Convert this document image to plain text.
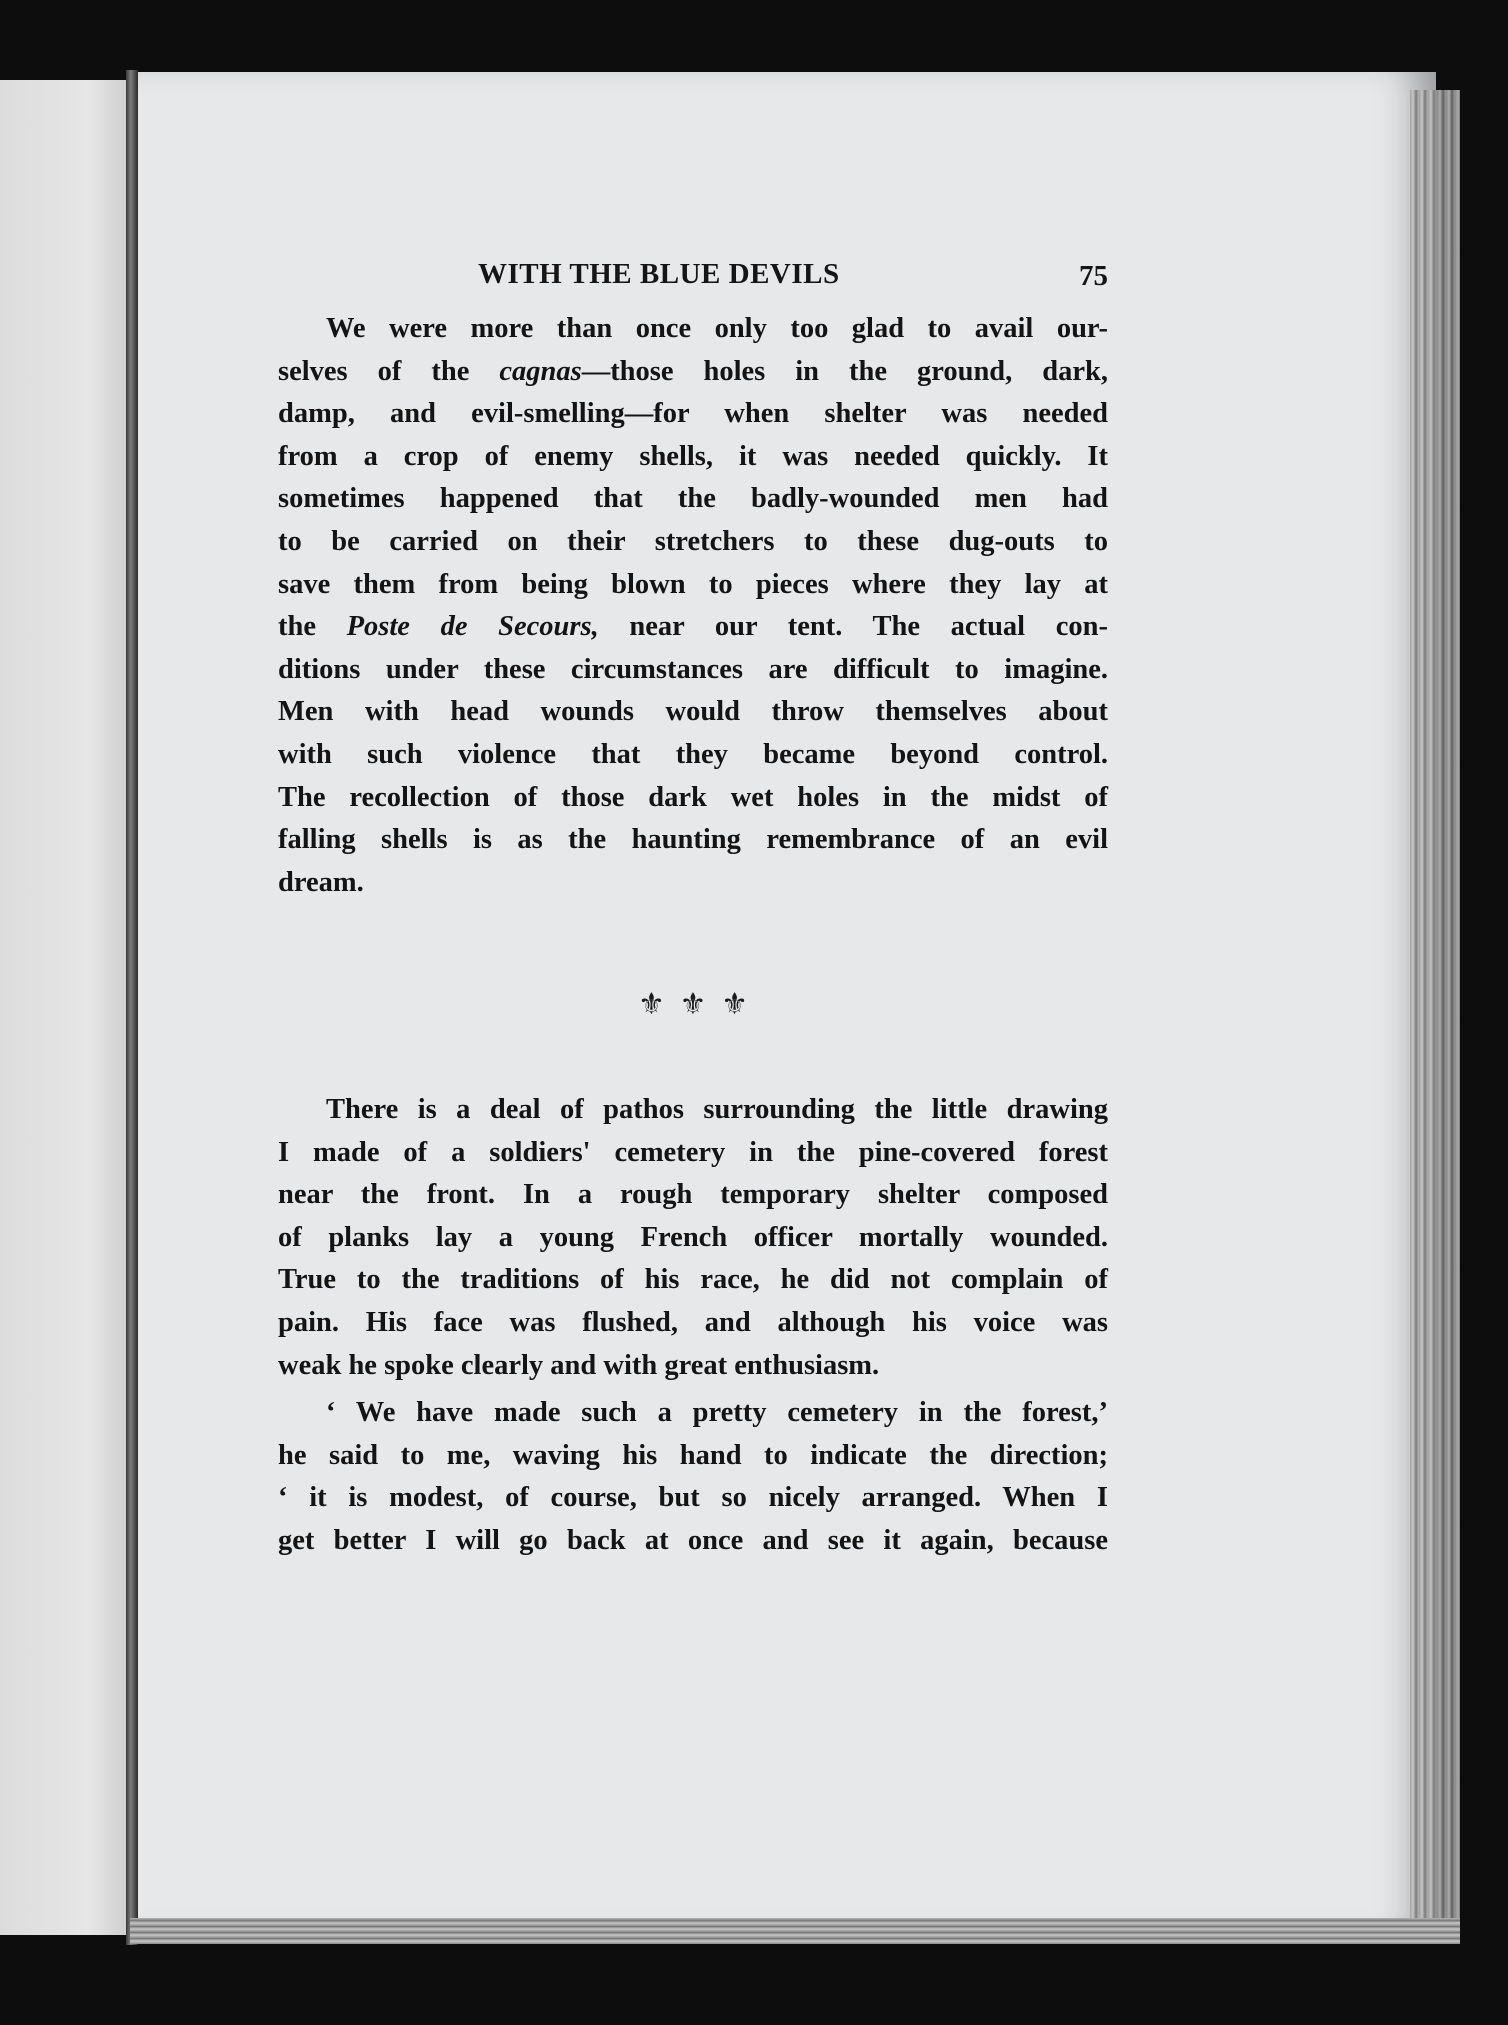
WITH THE BLUE DEVILS	75
We were more than once only too glad to avail our-
selves of the cagnas—those holes in the ground, dark,
damp, and evil-smelling—for when shelter was needed
from a crop of enemy shells, it was needed quickly. It
sometimes happened that the badly-wounded men had
to be carried on their stretchers to these dug-outs to
save them from being blown to pieces where they lay at
the Poste de Secours, near our tent. The actual con-
ditions under these circumstances are difficult to imagine.
Men with head wounds would throw themselves about
with such violence that they became beyond control.
The recollection of those dark wet holes in the midst of
falling shells is as the haunting remembrance of an evil
dream.
⚜ ⚜ ⚜
There is a deal of pathos surrounding the little drawing
I made of a soldiers' cemetery in the pine-covered forest
near the front. In a rough temporary shelter composed
of planks lay a young French officer mortally wounded.
True to the traditions of his race, he did not complain of
pain. His face was flushed, and although his voice was
weak he spoke clearly and with great enthusiasm.
‘ We have made such a pretty cemetery in the forest,’
he said to me, waving his hand to indicate the direction;
‘ it is modest, of course, but so nicely arranged. When I
get better I will go back at once and see it again, because
